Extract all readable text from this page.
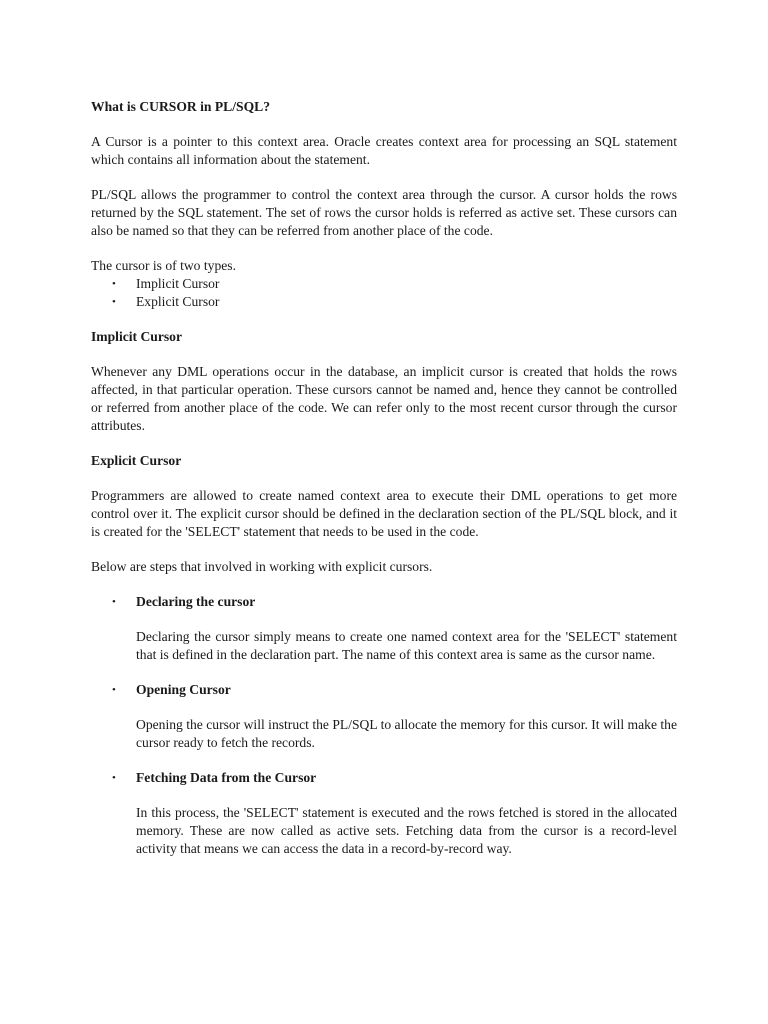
What is CURSOR in PL/SQL?

A Cursor is a pointer to this context area. Oracle creates context area for processing an SQL statement which contains all information about the statement.

PL/SQL allows the programmer to control the context area through the cursor. A cursor holds the rows returned by the SQL statement. The set of rows the cursor holds is referred as active set. These cursors can also be named so that they can be referred from another place of the code.

The cursor is of two types.

• Implicit Cursor
• Explicit Cursor
Implicit Cursor

Whenever any DML operations occur in the database, an implicit cursor is created that holds the rows affected, in that particular operation. These cursors cannot be named and, hence they cannot be controlled or referred from another place of the code. We can refer only to the most recent cursor through the cursor attributes.

Explicit Cursor

Programmers are allowed to create named context area to execute their DML operations to get more control over it. The explicit cursor should be defined in the declaration section of the PL/SQL block, and it is created for the 'SELECT' statement that needs to be used in the code.

Below are steps that involved in working with explicit cursors.

• Declaring the cursor
Declaring the cursor simply means to create one named context area for the 'SELECT' statement that is defined in the declaration part. The name of this context area is same as the cursor name.
• Opening Cursor
Opening the cursor will instruct the PL/SQL to allocate the memory for this cursor. It will make the cursor ready to fetch the records.
• Fetching Data from the Cursor
In this process, the 'SELECT' statement is executed and the rows fetched is stored in the allocated memory. These are now called as active sets. Fetching data from the cursor is a record-level activity that means we can access the data in a record-by-record way.
